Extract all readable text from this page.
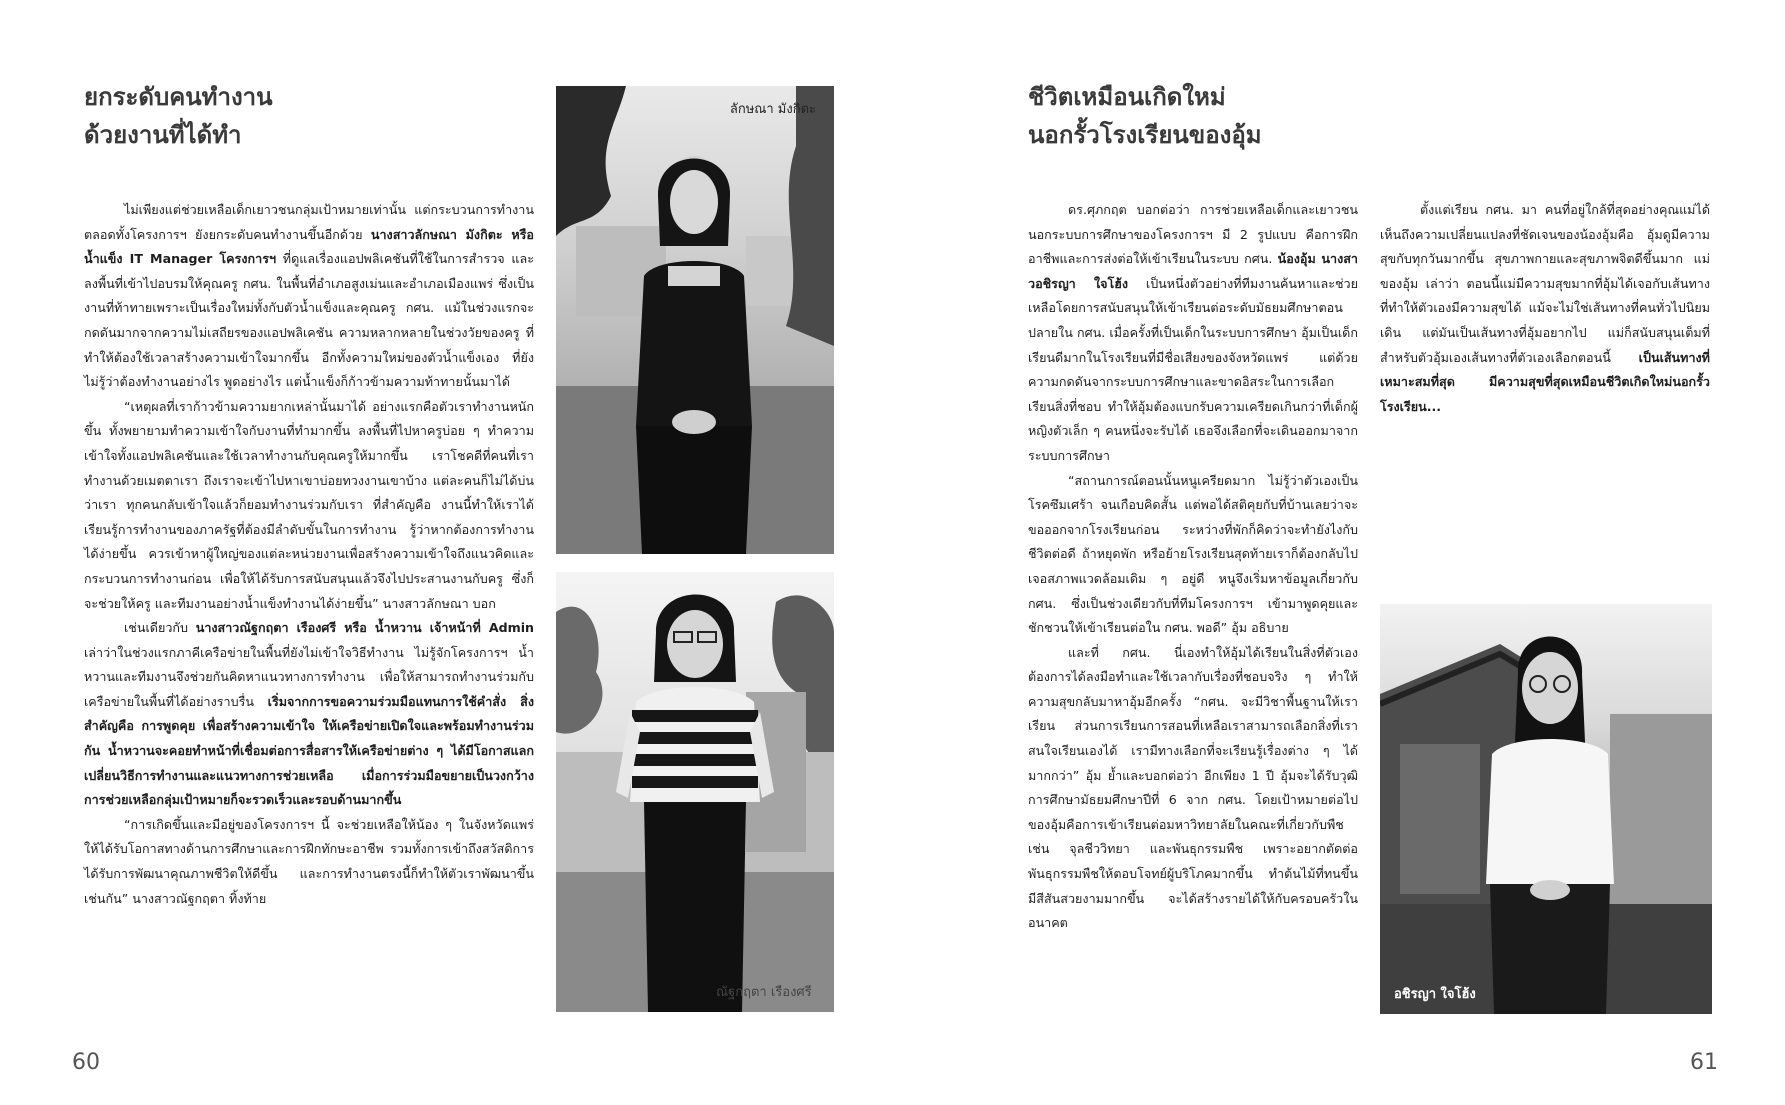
ยกระดับคนทำงาน
ด้วยงานที่ได้ทำ

ไม่เพียงแต่ช่วยเหลือเด็กเยาวชนกลุ่มเป้าหมายเท่านั้น แต่กระบวนการทำงานตลอดทั้งโครงการฯ ยังยกระดับคนทำงานขึ้นอีกด้วย นางสาวลักษณา มังกิตะ หรือ น้ำแข็ง IT Manager โครงการฯ ที่ดูแลเรื่องแอปพลิเคชันที่ใช้ในการสำรวจ และลงพื้นที่เข้าไปอบรมให้คุณครู กศน. ในพื้นที่อำเภอสูงเม่นและอำเภอเมืองแพร่ ซึ่งเป็นงานที่ท้าทายเพราะเป็นเรื่องใหม่ทั้งกับตัวน้ำแข็งและคุณครู กศน. แม้ในช่วงแรกจะกดดันมากจากความไม่เสถียรของแอปพลิเคชัน ความหลากหลายในช่วงวัยของครู ที่ทำให้ต้องใช้เวลาสร้างความเข้าใจมากขึ้น อีกทั้งความใหม่ของตัวน้ำแข็งเอง ที่ยังไม่รู้ว่าต้องทำงานอย่างไร พูดอย่างไร แต่น้ำแข็งก็ก้าวข้ามความท้าทายนั้นมาได้

“เหตุผลที่เราก้าวข้ามความยากเหล่านั้นมาได้ อย่างแรกคือตัวเราทำงานหนักขึ้น ทั้งพยายามทำความเข้าใจกับงานที่ทำมากขึ้น ลงพื้นที่ไปหาครูบ่อย ๆ ทำความเข้าใจทั้งแอปพลิเคชันและใช้เวลาทำงานกับคุณครูให้มากขึ้น เราโชคดีที่คนที่เราทำงานด้วยเมตตาเรา ถึงเราจะเข้าไปหาเขาบ่อยทวงงานเขาบ้าง แต่ละคนก็ไม่ได้บ่นว่าเรา ทุกคนกลับเข้าใจแล้วก็ยอมทำงานร่วมกับเรา ที่สำคัญคือ งานนี้ทำให้เราได้เรียนรู้การทำงานของภาครัฐที่ต้องมีลำดับขั้นในการทำงาน รู้ว่าหากต้องการทำงานได้ง่ายขึ้น ควรเข้าหาผู้ใหญ่ของแต่ละหน่วยงานเพื่อสร้างความเข้าใจถึงแนวคิดและกระบวนการทำงานก่อน เพื่อให้ได้รับการสนับสนุนแล้วจึงไปประสานงานกับครู ซึ่งก็จะช่วยให้ครู และทีมงานอย่างน้ำแข็งทำงานได้ง่ายขึ้น” นางสาวลักษณา บอก

เช่นเดียวกับ นางสาวณัฐกฤตา เรืองศรี หรือ น้ำหวาน เจ้าหน้าที่ Admin เล่าว่าในช่วงแรกภาคีเครือข่ายในพื้นที่ยังไม่เข้าใจวิธีทำงาน ไม่รู้จักโครงการฯ น้ำหวานและทีมงานจึงช่วยกันคิดหาแนวทางการทำงาน เพื่อให้สามารถทำงานร่วมกับเครือข่ายในพื้นที่ได้อย่างราบรื่น เริ่มจากการขอความร่วมมือแทนการใช้คำสั่ง สิ่งสำคัญคือ การพูดคุย เพื่อสร้างความเข้าใจ ให้เครือข่ายเปิดใจและพร้อมทำงานร่วมกัน น้ำหวานจะคอยทำหน้าที่เชื่อมต่อการสื่อสารให้เครือข่ายต่าง ๆ ได้มีโอกาสแลกเปลี่ยนวิธีการทำงานและแนวทางการช่วยเหลือ เมื่อการร่วมมือขยายเป็นวงกว้าง การช่วยเหลือกลุ่มเป้าหมายก็จะรวดเร็วและรอบด้านมากขึ้น

“การเกิดขึ้นและมีอยู่ของโครงการฯ นี้ จะช่วยเหลือให้น้อง ๆ ในจังหวัดแพร่ให้ได้รับโอกาสทางด้านการศึกษาและการฝึกทักษะอาชีพ รวมทั้งการเข้าถึงสวัสดิการ ได้รับการพัฒนาคุณภาพชีวิตให้ดีขึ้น และการทำงานตรงนี้ก็ทำให้ตัวเราพัฒนาขึ้นเช่นกัน” นางสาวณัฐกฤตา ทิ้งท้าย

ลักษณา มังกิตะ
ณัฐกฤตา เรืองศรี
60
ชีวิตเหมือนเกิดใหม่
นอกรั้วโรงเรียนของอุ้ม

ดร.ศุภกฤต บอกต่อว่า การช่วยเหลือเด็กและเยาวชนนอกระบบการศึกษาของโครงการฯ มี 2 รูปแบบ คือการฝึกอาชีพและการส่งต่อให้เข้าเรียนในระบบ กศน. น้องอุ้ม นางสาวอชิรญา ใจโฮ้ง เป็นหนึ่งตัวอย่างที่ทีมงานค้นหาและช่วยเหลือโดยการสนับสนุนให้เข้าเรียนต่อระดับมัธยมศึกษาตอนปลายใน กศน. เมื่อครั้งที่เป็นเด็กในระบบการศึกษา อุ้มเป็นเด็กเรียนดีมากในโรงเรียนที่มีชื่อเสียงของจังหวัดแพร่ แต่ด้วยความกดดันจากระบบการศึกษาและขาดอิสระในการเลือกเรียนสิ่งที่ชอบ ทำให้อุ้มต้องแบกรับความเครียดเกินกว่าที่เด็กผู้หญิงตัวเล็ก ๆ คนหนึ่งจะรับได้ เธอจึงเลือกที่จะเดินออกมาจากระบบการศึกษา

“สถานการณ์ตอนนั้นหนูเครียดมาก ไม่รู้ว่าตัวเองเป็นโรคซึมเศร้า จนเกือบคิดสั้น แต่พอได้สติคุยกับที่บ้านเลยว่าจะขอออกจากโรงเรียนก่อน ระหว่างที่พักก็คิดว่าจะทำยังไงกับชีวิตต่อดี ถ้าหยุดพัก หรือย้ายโรงเรียนสุดท้ายเราก็ต้องกลับไปเจอสภาพแวดล้อมเดิม ๆ อยู่ดี หนูจึงเริ่มหาข้อมูลเกี่ยวกับ กศน. ซึ่งเป็นช่วงเดียวกับที่ทีมโครงการฯ เข้ามาพูดคุยและชักชวนให้เข้าเรียนต่อใน กศน. พอดี” อุ้ม อธิบาย

และที่ กศน. นี่เองทำให้อุ้มได้เรียนในสิ่งที่ตัวเองต้องการได้ลงมือทำและใช้เวลากับเรื่องที่ชอบจริง ๆ ทำให้ความสุขกลับมาหาอุ้มอีกครั้ง “กศน. จะมีวิชาพื้นฐานให้เราเรียน ส่วนการเรียนการสอนที่เหลือเราสามารถเลือกสิ่งที่เราสนใจเรียนเองได้ เรามีทางเลือกที่จะเรียนรู้เรื่องต่าง ๆ ได้มากกว่า” อุ้ม ย้ำและบอกต่อว่า อีกเพียง 1 ปี อุ้มจะได้รับวุฒิการศึกษามัธยมศึกษาปีที่ 6 จาก กศน. โดยเป้าหมายต่อไปของอุ้มคือการเข้าเรียนต่อมหาวิทยาลัยในคณะที่เกี่ยวกับพืช เช่น จุลชีววิทยา และพันธุกรรมพืช เพราะอยากตัดต่อพันธุกรรมพืชให้ตอบโจทย์ผู้บริโภคมากขึ้น ทำต้นไม้ที่ทนขึ้น มีสีสันสวยงามมากขึ้น จะได้สร้างรายได้ให้กับครอบครัวในอนาคต

ตั้งแต่เรียน กศน. มา คนที่อยู่ใกล้ที่สุดอย่างคุณแม่ได้เห็นถึงความเปลี่ยนแปลงที่ชัดเจนของน้องอุ้มคือ อุ้มดูมีความสุขกับทุกวันมากขึ้น สุขภาพกายและสุขภาพจิตดีขึ้นมาก แม่ของอุ้ม เล่าว่า ตอนนี้แม่มีความสุขมากที่อุ้มได้เจอกับเส้นทางที่ทำให้ตัวเองมีความสุขได้ แม้จะไม่ใช่เส้นทางที่คนทั่วไปนิยมเดิน แต่มันเป็นเส้นทางที่อุ้มอยากไป แม่ก็สนับสนุนเต็มที่ สำหรับตัวอุ้มเองเส้นทางที่ตัวเองเลือกตอนนี้ เป็นเส้นทางที่เหมาะสมที่สุด มีความสุขที่สุดเหมือนชีวิตเกิดใหม่นอกรั้วโรงเรียน...

อชิรญา ใจโฮ้ง
61
